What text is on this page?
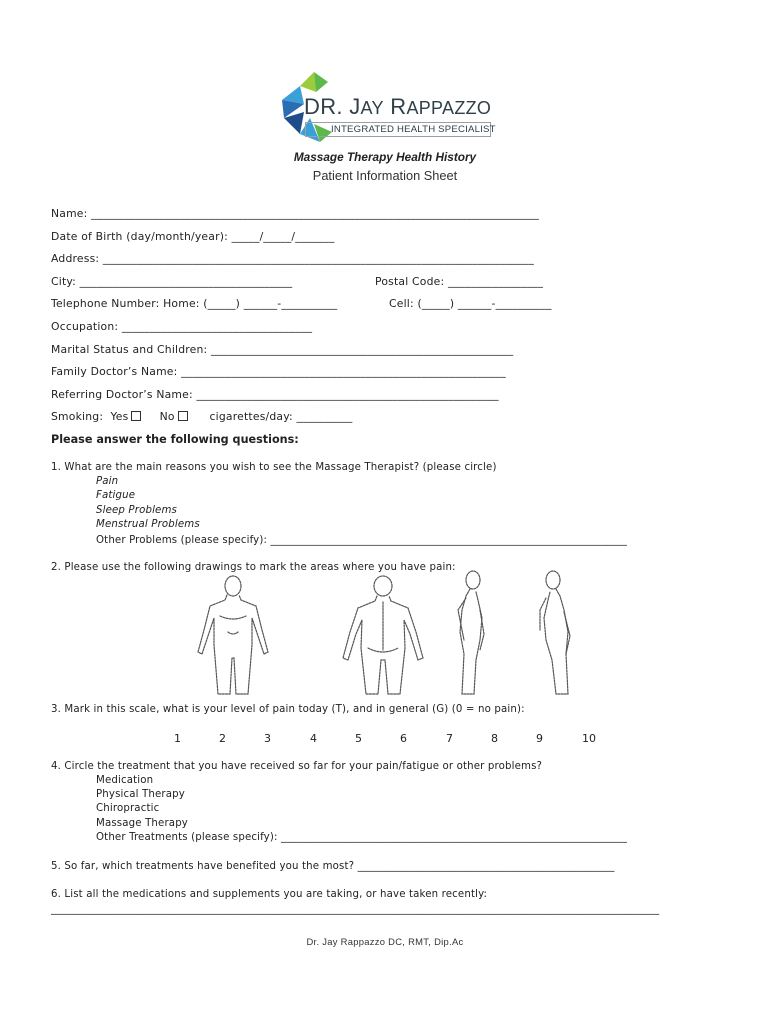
DR. JAY RAPPAZZO
INTEGRATED HEALTH SPECIALIST
Massage Therapy Health History
Patient Information Sheet
Name: ________________________________________________________________________________
Date of Birth (day/month/year): _____/_____/_______
Address: _____________________________________________________________________________
City: ______________________________________	Postal Code: _________________
Telephone Number: Home: (_____) ______-__________	Cell: (_____) ______-__________
Occupation: __________________________________
Marital Status and Children: ______________________________________________________
Family Doctor’s Name: __________________________________________________________
Referring Doctor’s Name: ______________________________________________________
Smoking: Yes	No	cigarettes/day: __________
Please answer the following questions:
1. What are the main reasons you wish to see the Massage Therapist? (please circle)
Pain
Fatigue
Sleep Problems
Menstrual Problems
Other Problems (please specify): ____________________________________________________________________
2. Please use the following drawings to mark the areas where you have pain:
3. Mark in this scale, what is your level of pain today (T), and in general (G) (0 = no pain):
1	2	3	4	5	6	7	8	9	10
4. Circle the treatment that you have received so far for your pain/fatigue or other problems?
Medication
Physical Therapy
Chiropractic
Massage Therapy
Other Treatments (please specify): __________________________________________________________________
5. So far, which treatments have benefited you the most? _________________________________________________
6. List all the medications and supplements you are taking, or have taken recently:
____________________________________________________________________________________________________________________
Dr. Jay Rappazzo DC, RMT, Dip.Ac
